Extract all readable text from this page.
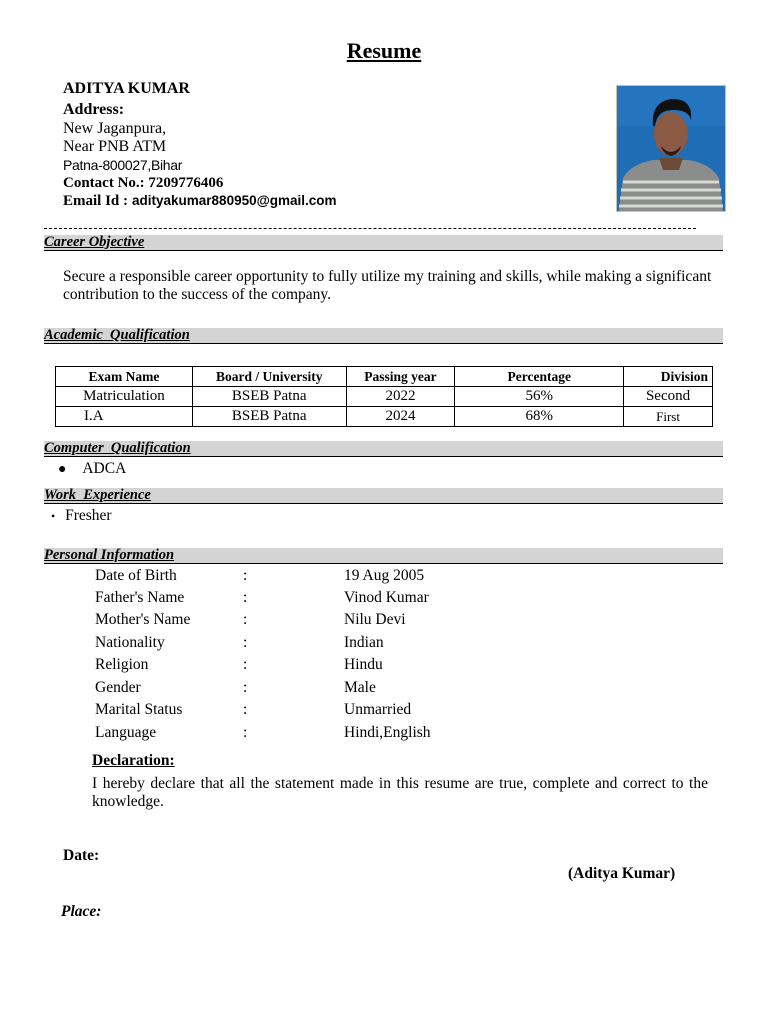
Resume
ADITYA KUMAR
Address:
New Jaganpura,
Near PNB ATM
Patna-800027,Bihar
Contact No.: 7209776406
Email Id : adityakumar880950@gmail.com
Career Objective
Secure a responsible career opportunity to fully utilize my training and skills, while making a significant contribution to the success of the company.
Academic  Qualification
Exam Name	Board / University	Passing year	Percentage	Division
Matriculation	BSEB Patna	2022	56%	Second
I.A	BSEB Patna	2024	68%	First
Computer  Qualification
● ADCA
Work  Experience
• Fresher
Personal Information
Date of Birth	:	19 Aug 2005
Father's Name	:	Vinod Kumar
Mother's Name	:	Nilu Devi
Nationality	:	Indian
Religion	:	Hindu
Gender	:	Male
Marital Status	:	Unmarried
Language	:	Hindi,English
Declaration:
I hereby declare that all the statement made in this resume are true, complete and correct to the knowledge.
Date:
(Aditya Kumar)
Place:
